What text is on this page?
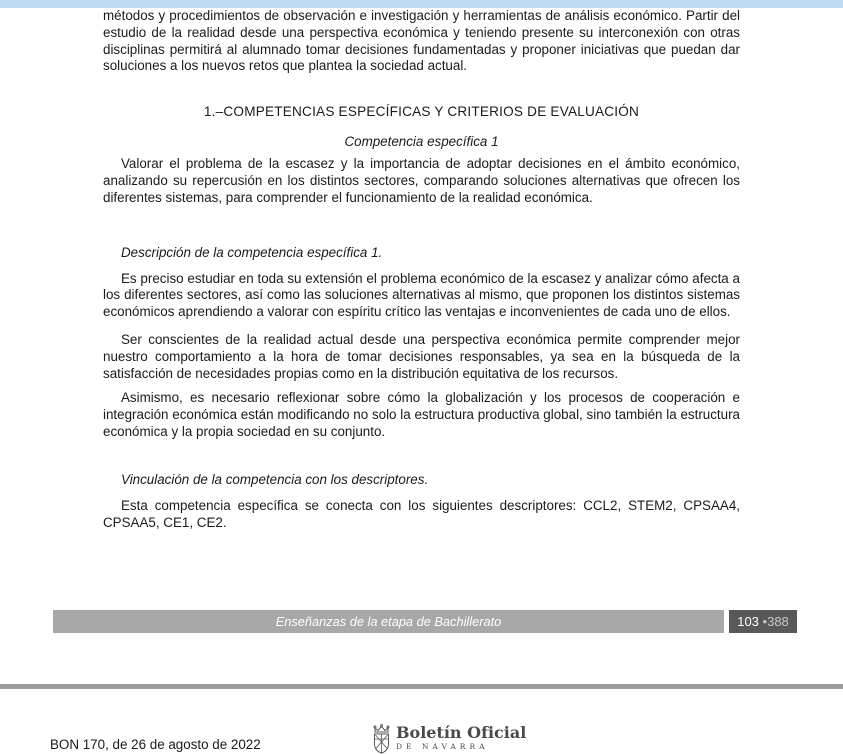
métodos y procedimientos de observación e investigación y herramientas de análisis económico. Partir del estudio de la realidad desde una perspectiva económica y teniendo presente su interconexión con otras disciplinas permitirá al alumnado tomar decisiones fundamentadas y proponer iniciativas que puedan dar soluciones a los nuevos retos que plantea la sociedad actual.

1.–COMPETENCIAS ESPECÍFICAS Y CRITERIOS DE EVALUACIÓN

Competencia específica 1

Valorar el problema de la escasez y la importancia de adoptar decisiones en el ámbito económico, analizando su repercusión en los distintos sectores, comparando soluciones alternativas que ofrecen los diferentes sistemas, para comprender el funcionamiento de la realidad económica.

Descripción de la competencia específica 1.

Es preciso estudiar en toda su extensión el problema económico de la escasez y analizar cómo afecta a los diferentes sectores, así como las soluciones alternativas al mismo, que proponen los distintos sistemas económicos aprendiendo a valorar con espíritu crítico las ventajas e inconvenientes de cada uno de ellos.

Ser conscientes de la realidad actual desde una perspectiva económica permite comprender mejor nuestro comportamiento a la hora de tomar decisiones responsables, ya sea en la búsqueda de la satisfacción de necesidades propias como en la distribución equitativa de los recursos.

Asimismo, es necesario reflexionar sobre cómo la globalización y los procesos de cooperación e integración económica están modificando no solo la estructura productiva global, sino también la estructura económica y la propia sociedad en su conjunto.

Vinculación de la competencia con los descriptores.

Esta competencia específica se conecta con los siguientes descriptores: CCL2, STEM2, CPSAA4, CPSAA5, CE1, CE2.

Enseñanzas de la etapa de Bachillerato	103 •388
BON 170, de 26 de agosto de 2022
Boletín Oficial
DE NAVARRA
